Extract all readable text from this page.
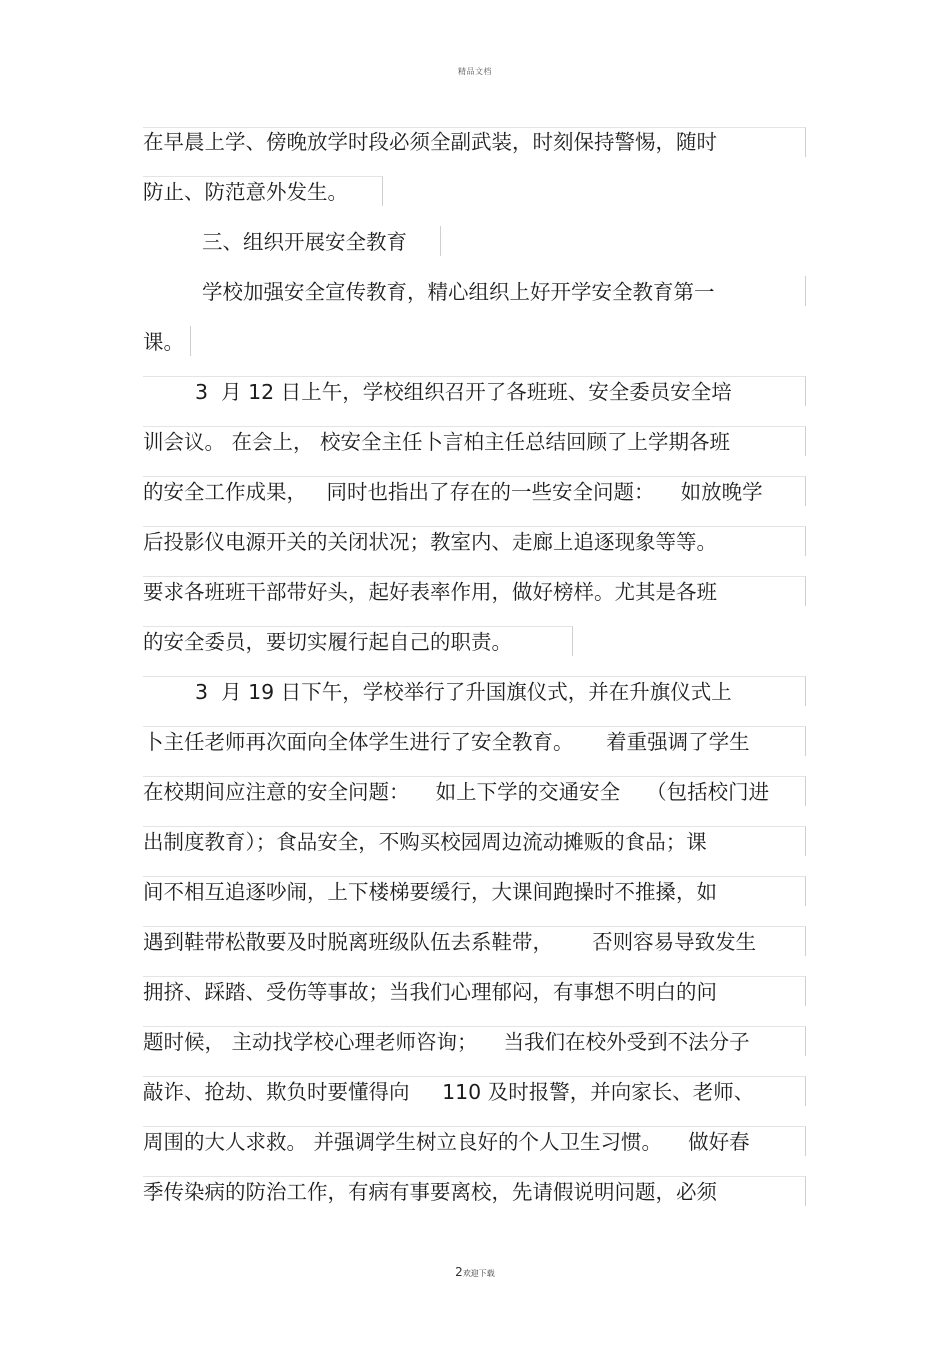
精品文档
在早晨上学、傍晚放学时段必须全副武装，时刻保持警惕，随时
防止、防范意外发生。
三、组织开展安全教育
学校加强安全宣传教育，精心组织上好开学安全教育第一
课。
3  月 12 日上午，学校组织召开了各班班、安全委员安全培
训会议。 在会上， 校安全主任卜言柏主任总结回顾了上学期各班
的安全工作成果，   同时也指出了存在的一些安全问题：    如放晚学
后投影仪电源开关的关闭状况；教室内、走廊上追逐现象等等。
要求各班班干部带好头，起好表率作用，做好榜样。尤其是各班
的安全委员，要切实履行起自己的职责。
3  月 19 日下午，学校举行了升国旗仪式，并在升旗仪式上
卜主任老师再次面向全体学生进行了安全教育。     着重强调了学生
在校期间应注意的安全问题：    如上下学的交通安全    （包括校门进
出制度教育）；食品安全，不购买校园周边流动摊贩的食品；课
间不相互追逐吵闹，上下楼梯要缓行，大课间跑操时不推搡，如
遇到鞋带松散要及时脱离班级队伍去系鞋带，      否则容易导致发生
拥挤、踩踏、受伤等事故；当我们心理郁闷，有事想不明白的问
题时候， 主动找学校心理老师咨询；    当我们在校外受到不法分子
敲诈、抢劫、欺负时要懂得向     110 及时报警，并向家长、老师、
周围的大人求救。 并强调学生树立良好的个人卫生习惯。    做好春
季传染病的防治工作，有病有事要离校，先请假说明问题，必须
2欢迎下载
